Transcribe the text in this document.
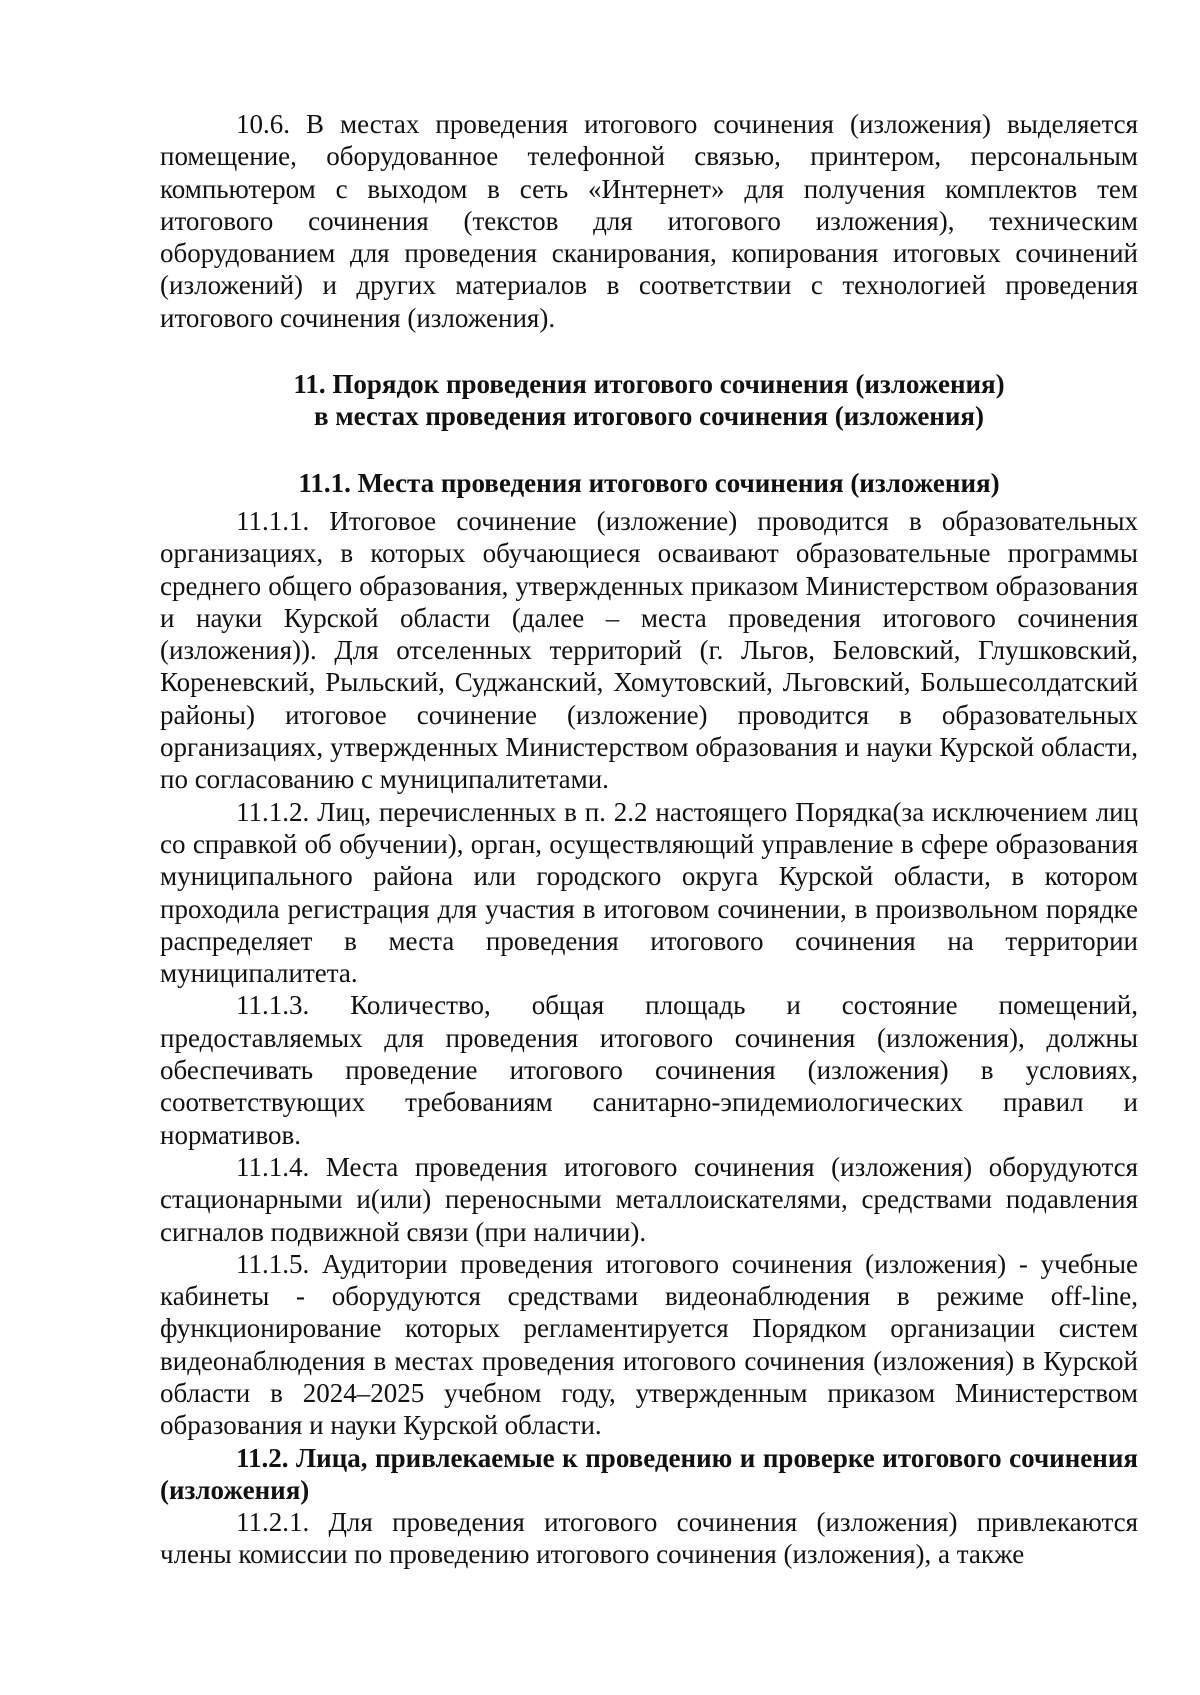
10.6. В местах проведения итогового сочинения (изложения) выделяется помещение, оборудованное телефонной связью, принтером, персональным компьютером с выходом в сеть «Интернет» для получения комплектов тем итогового сочинения (текстов для итогового изложения), техническим оборудованием для проведения сканирования, копирования итоговых сочинений (изложений) и других материалов в соответствии с технологией проведения итогового сочинения (изложения).

11. Порядок проведения итогового сочинения (изложения)

в местах проведения итогового сочинения (изложения)

11.1. Места проведения итогового сочинения (изложения)

11.1.1. Итоговое сочинение (изложение) проводится в образовательных организациях, в которых обучающиеся осваивают образовательные программы среднего общего образования, утвержденных приказом Министерством образования и науки Курской области (далее – места проведения итогового сочинения (изложения)). Для отселенных территорий (г. Льгов, Беловский, Глушковский, Кореневский, Рыльский, Суджанский, Хомутовский, Льговский, Большесолдатский районы) итоговое сочинение (изложение) проводится в образовательных организациях, утвержденных Министерством образования и науки Курской области, по согласованию с муниципалитетами.

11.1.2. Лиц, перечисленных в п. 2.2 настоящего Порядка(за исключением лиц со справкой об обучении), орган, осуществляющий управление в сфере образования муниципального района или городского округа Курской области, в котором проходила регистрация для участия в итоговом сочинении, в произвольном порядке распределяет в места проведения итогового сочинения на территории муниципалитета.

11.1.3. Количество, общая площадь и состояние помещений, предоставляемых для проведения итогового сочинения (изложения), должны обеспечивать проведение итогового сочинения (изложения) в условиях, соответствующих требованиям санитарно-эпидемиологических правил и нормативов.

11.1.4. Места проведения итогового сочинения (изложения) оборудуются стационарными и(или) переносными металлоискателями, средствами подавления сигналов подвижной связи (при наличии).

11.1.5. Аудитории проведения итогового сочинения (изложения) - учебные кабинеты - оборудуются средствами видеонаблюдения в режиме off-line, функционирование которых регламентируется Порядком организации систем видеонаблюдения в местах проведения итогового сочинения (изложения) в Курской области в 2024–2025 учебном году, утвержденным приказом Министерством образования и науки Курской области.

11.2. Лица, привлекаемые к проведению и проверке итогового сочинения (изложения)

11.2.1. Для проведения итогового сочинения (изложения) привлекаются члены комиссии по проведению итогового сочинения (изложения), а также
